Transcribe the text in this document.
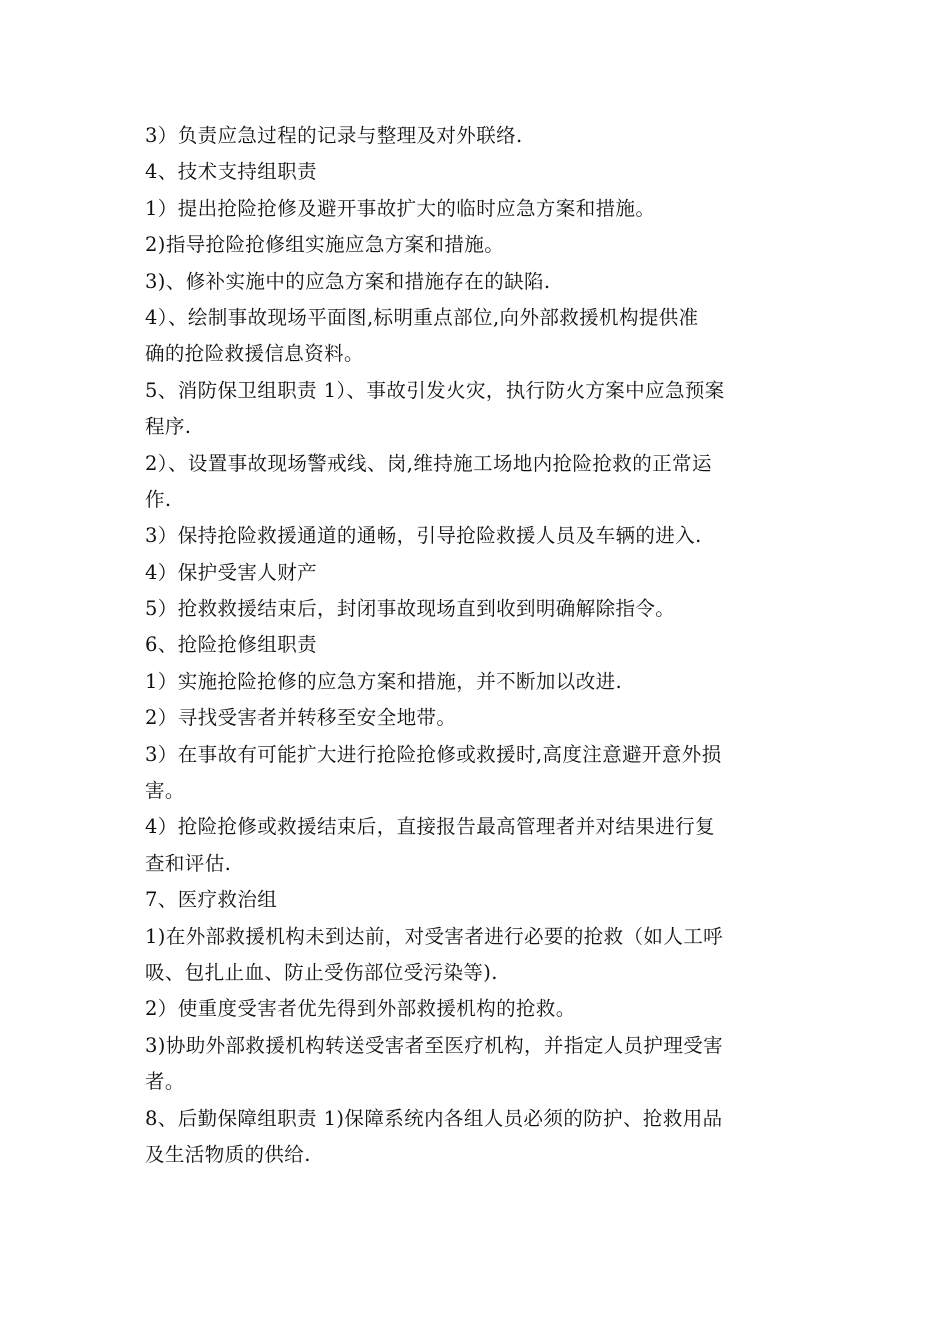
3）负责应急过程的记录与整理及对外联络.
4、技术支持组职责
1）提出抢险抢修及避开事故扩大的临时应急方案和措施。
2)指导抢险抢修组实施应急方案和措施。
3)、修补实施中的应急方案和措施存在的缺陷.
4）、绘制事故现场平面图,标明重点部位,向外部救援机构提供准
确的抢险救援信息资料。
5、消防保卫组职责 1）、事故引发火灾，执行防火方案中应急预案
程序.
2）、设置事故现场警戒线、岗,维持施工场地内抢险抢救的正常运
作.
3）保持抢险救援通道的通畅，引导抢险救援人员及车辆的进入.
4）保护受害人财产
5）抢救救援结束后，封闭事故现场直到收到明确解除指令。
6、抢险抢修组职责
1）实施抢险抢修的应急方案和措施，并不断加以改进.
2）寻找受害者并转移至安全地带。
3）在事故有可能扩大进行抢险抢修或救援时,高度注意避开意外损
害。
4）抢险抢修或救援结束后，直接报告最高管理者并对结果进行复
查和评估.
7、医疗救治组
1)在外部救援机构未到达前，对受害者进行必要的抢救（如人工呼
吸、包扎止血、防止受伤部位受污染等).
2）使重度受害者优先得到外部救援机构的抢救。
3)协助外部救援机构转送受害者至医疗机构，并指定人员护理受害
者。
8、后勤保障组职责 1)保障系统内各组人员必须的防护、抢救用品
及生活物质的供给.
